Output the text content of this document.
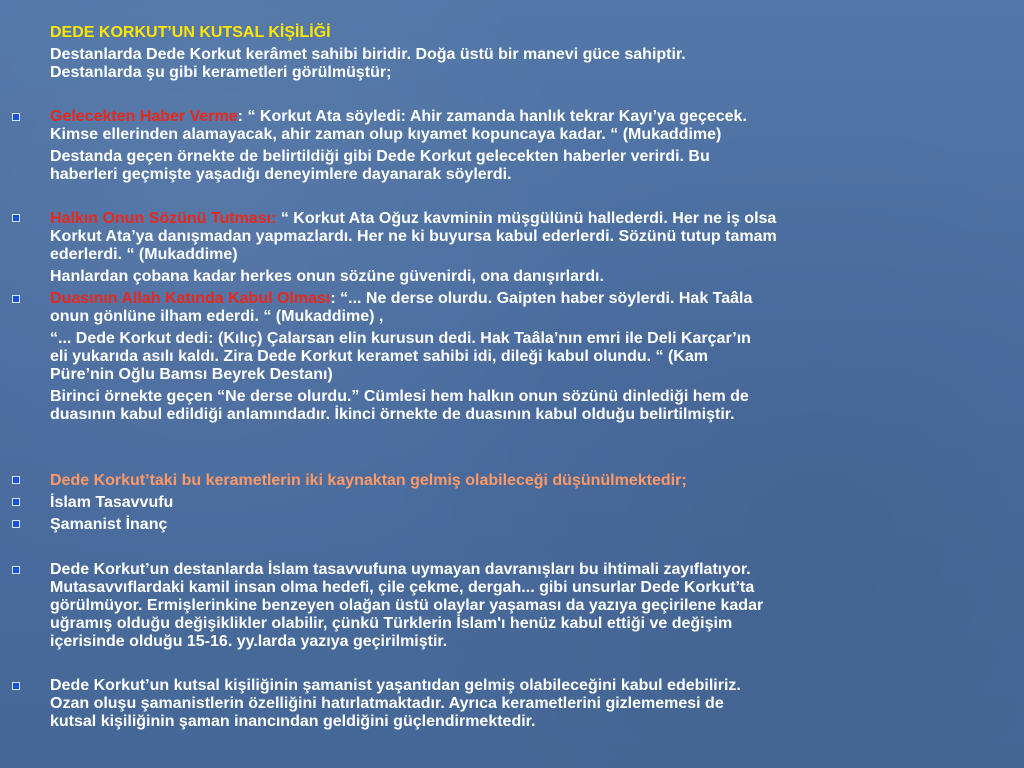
DEDE KORKUT’UN KUTSAL KİŞİLİĞİ
Destanlarda Dede Korkut kerâmet sahibi biridir. Doğa üstü bir manevi güce sahiptir.
Destanlarda şu gibi kerametleri görülmüştür;
Gelecekten Haber Verme: “ Korkut Ata söyledi: Ahir zamanda hanlık tekrar Kayı’ya geçecek.
Kimse ellerinden alamayacak, ahir zaman olup kıyamet kopuncaya kadar. “ (Mukaddime)
Destanda geçen örnekte de belirtildiği gibi Dede Korkut gelecekten haberler verirdi. Bu
haberleri geçmişte yaşadığı deneyimlere dayanarak söylerdi.
Halkın Onun Sözünü Tutması: “ Korkut Ata Oğuz kavminin müşgülünü hallederdi. Her ne iş olsa
Korkut Ata’ya danışmadan yapmazlardı. Her ne ki buyursa kabul ederlerdi. Sözünü tutup tamam
ederlerdi. “ (Mukaddime)
Hanlardan çobana kadar herkes onun sözüne güvenirdi, ona danışırlardı.
Duasının Allah Katında Kabul Olması: “... Ne derse olurdu. Gaipten haber söylerdi. Hak Taâla
onun gönlüne ilham ederdi. “ (Mukaddime) ,
“... Dede Korkut dedi: (Kılıç) Çalarsan elin kurusun dedi. Hak Taâla’nın emri ile Deli Karçar’ın
eli yukarıda asılı kaldı. Zira Dede Korkut keramet sahibi idi, dileği kabul olundu. “ (Kam
Püre’nin Oğlu Bamsı Beyrek Destanı)
Birinci örnekte geçen “Ne derse olurdu.” Cümlesi hem halkın onun sözünü dinlediği hem de
duasının kabul edildiği anlamındadır. İkinci örnekte de duasının kabul olduğu belirtilmiştir.
Dede Korkut’taki bu kerametlerin iki kaynaktan gelmiş olabileceği düşünülmektedir;
İslam Tasavvufu
Şamanist İnanç
Dede Korkut’un destanlarda İslam tasavvufuna uymayan davranışları bu ihtimali zayıflatıyor.
Mutasavvıflardaki kamil insan olma hedefi, çile çekme, dergah... gibi unsurlar Dede Korkut’ta
görülmüyor. Ermişlerinkine benzeyen olağan üstü olaylar yaşaması da yazıya geçirilene kadar
uğramış olduğu değişiklikler olabilir, çünkü Türklerin İslam'ı henüz kabul ettiği ve değişim
içerisinde olduğu 15-16. yy.larda yazıya geçirilmiştir.
Dede Korkut’un kutsal kişiliğinin şamanist yaşantıdan gelmiş olabileceğini kabul edebiliriz.
Ozan oluşu şamanistlerin özelliğini hatırlatmaktadır. Ayrıca kerametlerini gizlememesi de
kutsal kişiliğinin şaman inancından geldiğini güçlendirmektedir.
